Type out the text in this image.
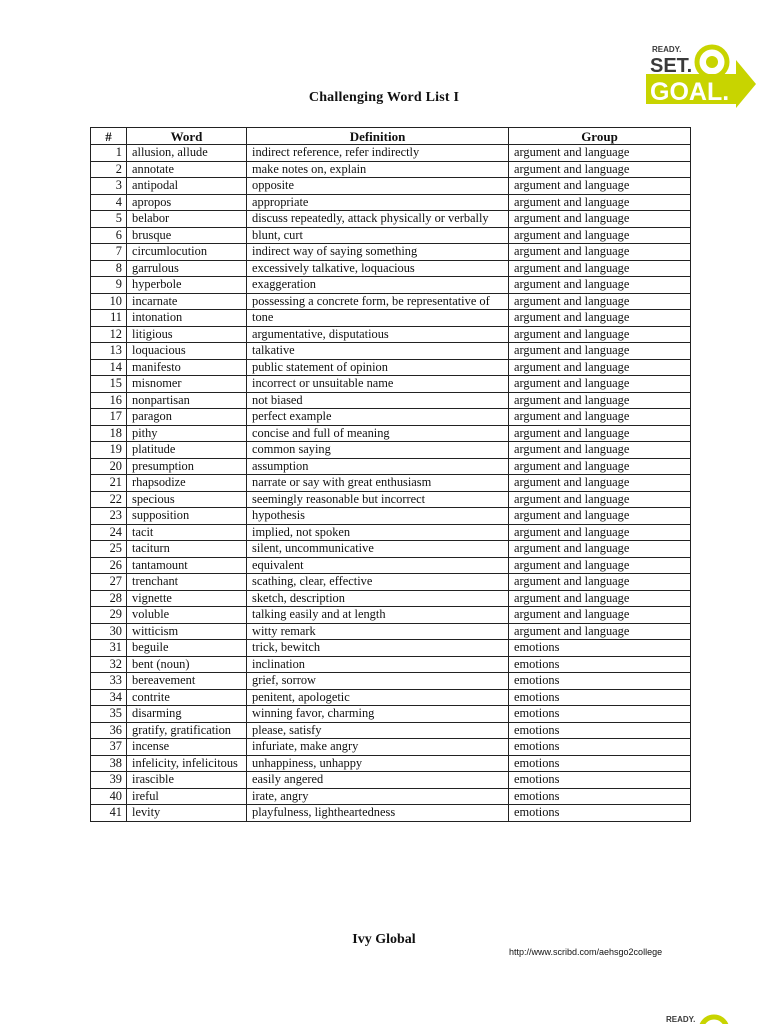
READY.
SET.
GOAL.
Challenging Word List I
#	Word	Definition	Group
1	allusion, allude	indirect reference, refer indirectly	argument and language
2	annotate	make notes on, explain	argument and language
3	antipodal	opposite	argument and language
4	apropos	appropriate	argument and language
5	belabor	discuss repeatedly, attack physically or verbally	argument and language
6	brusque	blunt, curt	argument and language
7	circumlocution	indirect way of saying something	argument and language
8	garrulous	excessively talkative, loquacious	argument and language
9	hyperbole	exaggeration	argument and language
10	incarnate	possessing a concrete form, be representative of	argument and language
11	intonation	tone	argument and language
12	litigious	argumentative, disputatious	argument and language
13	loquacious	talkative	argument and language
14	manifesto	public statement of opinion	argument and language
15	misnomer	incorrect or unsuitable name	argument and language
16	nonpartisan	not biased	argument and language
17	paragon	perfect example	argument and language
18	pithy	concise and full of meaning	argument and language
19	platitude	common saying	argument and language
20	presumption	assumption	argument and language
21	rhapsodize	narrate or say with great enthusiasm	argument and language
22	specious	seemingly reasonable but incorrect	argument and language
23	supposition	hypothesis	argument and language
24	tacit	implied, not spoken	argument and language
25	taciturn	silent, uncommunicative	argument and language
26	tantamount	equivalent	argument and language
27	trenchant	scathing, clear, effective	argument and language
28	vignette	sketch, description	argument and language
29	voluble	talking easily and at length	argument and language
30	witticism	witty remark	argument and language
31	beguile	trick, bewitch	emotions
32	bent (noun)	inclination	emotions
33	bereavement	grief, sorrow	emotions
34	contrite	penitent, apologetic	emotions
35	disarming	winning favor, charming	emotions
36	gratify, gratification	please, satisfy	emotions
37	incense	infuriate, make angry	emotions
38	infelicity, infelicitous	unhappiness, unhappy	emotions
39	irascible	easily angered	emotions
40	ireful	irate, angry	emotions
41	levity	playfulness, lightheartedness	emotions
Ivy Global
http://www.scribd.com/aehsgo2college
READY.
